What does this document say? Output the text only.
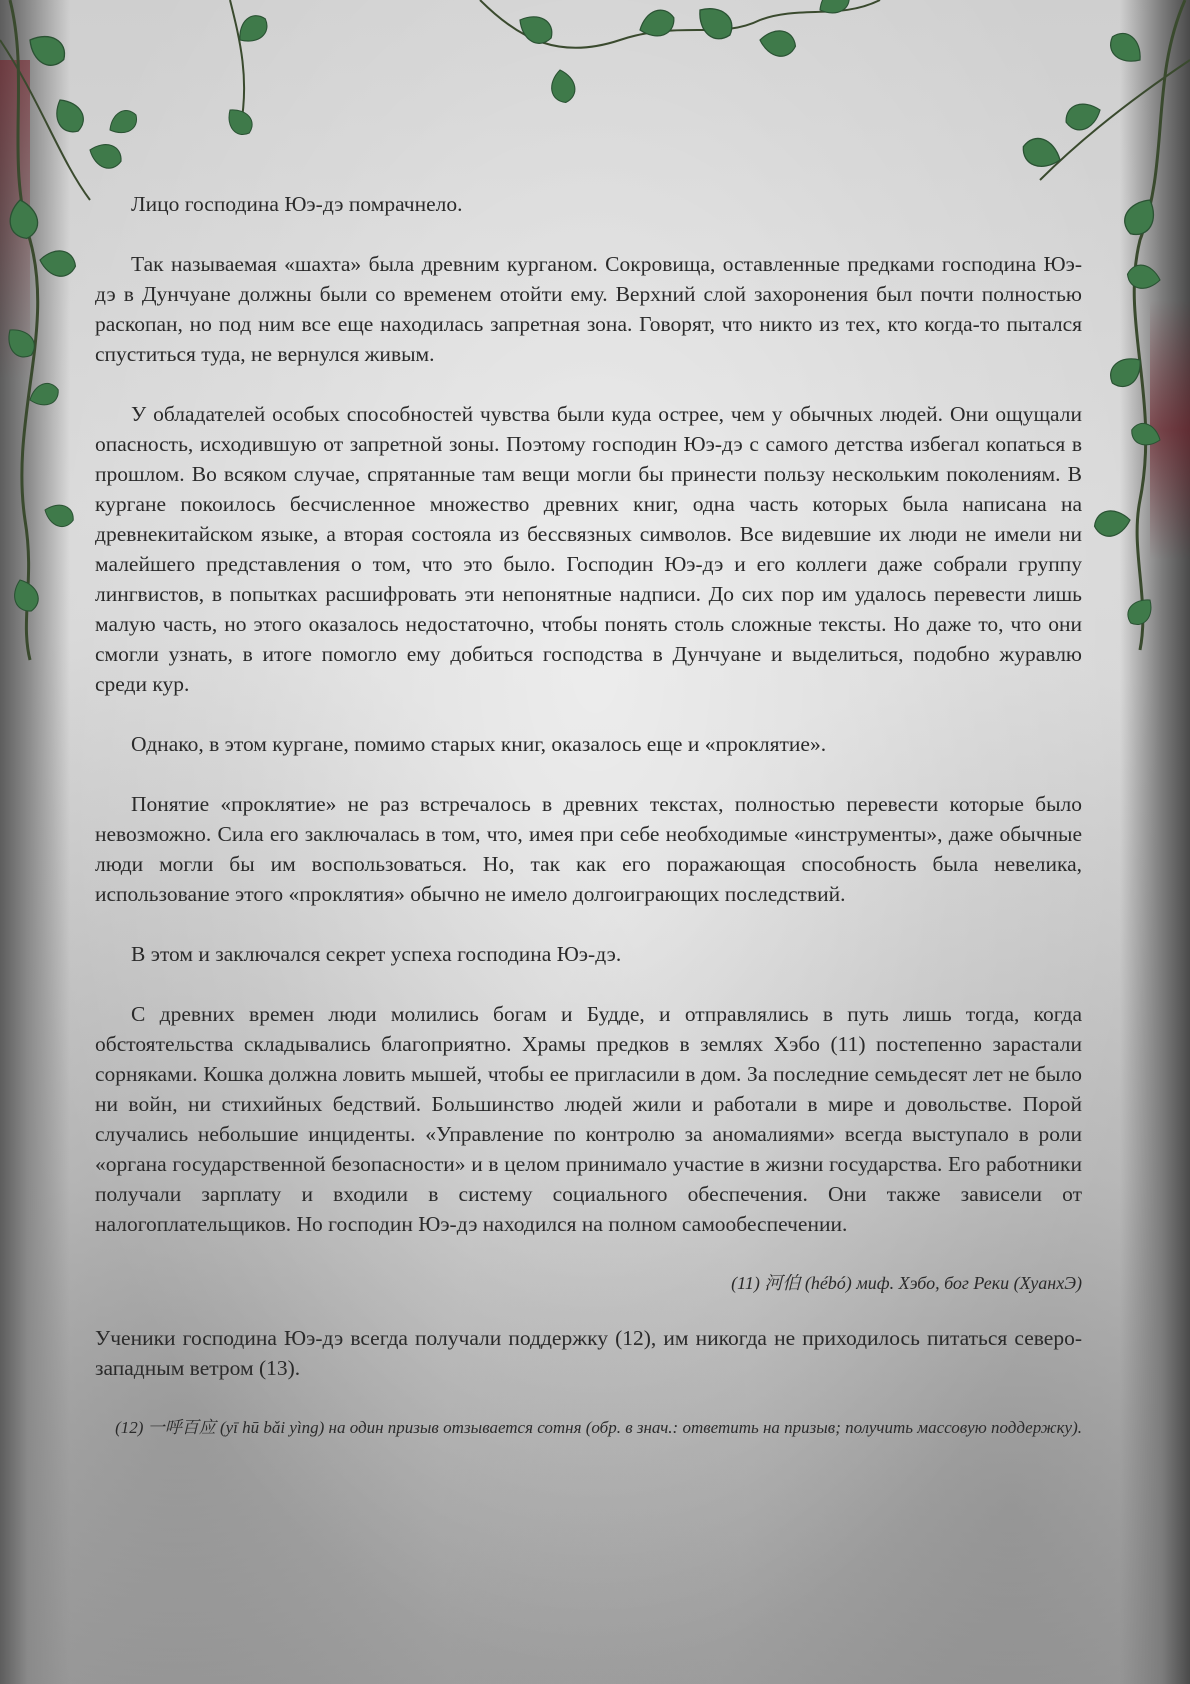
Лицо господина Юэ-дэ помрачнело.

Так называемая «шахта» была древним курганом. Сокровища, оставленные предками господина Юэ-дэ в Дунчуане должны были со временем отойти ему. Верхний слой захоронения был почти полностью раскопан, но под ним все еще находилась запретная зона. Говорят, что никто из тех, кто когда-то пытался спуститься туда, не вернулся живым.

У обладателей особых способностей чувства были куда острее, чем у обычных людей. Они ощущали опасность, исходившую от запретной зоны. Поэтому господин Юэ-дэ с самого детства избегал копаться в прошлом. Во всяком случае, спрятанные там вещи могли бы принести пользу нескольким поколениям. В кургане покоилось бесчисленное множество древних книг, одна часть которых была написана на древнекитайском языке, а вторая состояла из бессвязных символов. Все видевшие их люди не имели ни малейшего представления о том, что это было. Господин Юэ-дэ и его коллеги даже собрали группу лингвистов, в попытках расшифровать эти непонятные надписи. До сих пор им удалось перевести лишь малую часть, но этого оказалось недостаточно, чтобы понять столь сложные тексты. Но даже то, что они смогли узнать, в итоге помогло ему добиться господства в Дунчуане и выделиться, подобно журавлю среди кур.

Однако, в этом кургане, помимо старых книг, оказалось еще и «проклятие».

Понятие «проклятие» не раз встречалось в древних текстах, полностью перевести которые было невозможно. Сила его заключалась в том, что, имея при себе необходимые «инструменты», даже обычные люди могли бы им воспользоваться. Но, так как его поражающая способность была невелика, использование этого «проклятия» обычно не имело долгоиграющих последствий.

В этом и заключался секрет успеха господина Юэ-дэ.

С древних времен люди молились богам и Будде, и отправлялись в путь лишь тогда, когда обстоятельства складывались благоприятно. Храмы предков в землях Хэбо (11) постепенно зарастали сорняками. Кошка должна ловить мышей, чтобы ее пригласили в дом. За последние семьдесят лет не было ни войн, ни стихийных бедствий. Большинство людей жили и работали в мире и довольстве. Порой случались небольшие инциденты. «Управление по контролю за аномалиями» всегда выступало в роли «органа государственной безопасности» и в целом принимало участие в жизни государства. Его работники получали зарплату и входили в систему социального обеспечения. Они также зависели от налогоплательщиков. Но господин Юэ-дэ находился на полном самообеспечении.

(11) 河伯 (hébó) миф. Хэбо, бог Реки (ХуанхЭ)

Ученики господина Юэ-дэ всегда получали поддержку (12), им никогда не приходилось питаться северо-западным ветром (13).

(12) 一呼百应 (yī hū bǎi yìng) на один призыв отзывается сотня (обр. в знач.: ответить на призыв; получить массовую поддержку).
